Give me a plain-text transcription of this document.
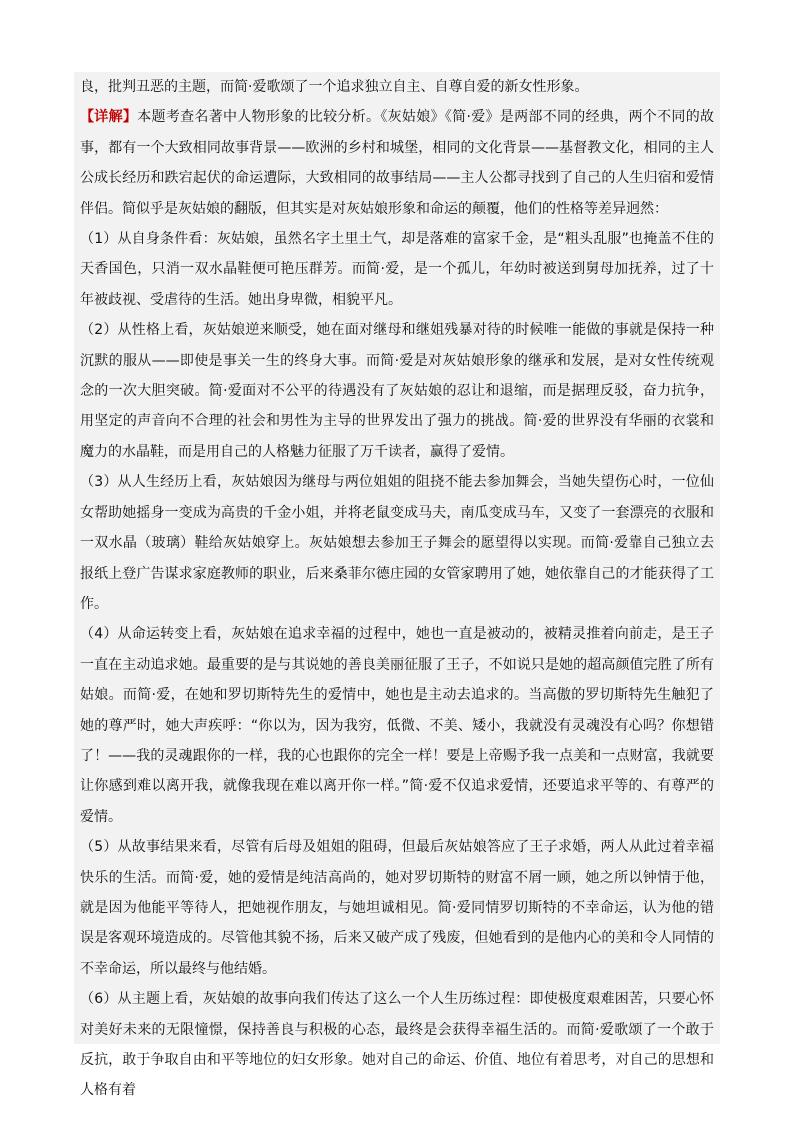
良，批判丑恶的主题，而简·爱歌颂了一个追求独立自主、自尊自爱的新女性形象。

【详解】本题考查名著中人物形象的比较分析。《灰姑娘》《简·爱》是两部不同的经典，两个不同的故事，都有一个大致相同故事背景——欧洲的乡村和城堡，相同的文化背景——基督教文化，相同的主人公成长经历和跌宕起伏的命运遭际，大致相同的故事结局——主人公都寻找到了自己的人生归宿和爱情伴侣。简似乎是灰姑娘的翻版，但其实是对灰姑娘形象和命运的颠覆，他们的性格等差异迥然：

（1）从自身条件看：灰姑娘，虽然名字土里土气，却是落难的富家千金，是“粗头乱服”也掩盖不住的天香国色，只消一双水晶鞋便可艳压群芳。而简·爱，是一个孤儿，年幼时被送到舅母加抚养，过了十年被歧视、受虐待的生活。她出身卑微，相貌平凡。

（2）从性格上看，灰姑娘逆来顺受，她在面对继母和继姐残暴对待的时候唯一能做的事就是保持一种沉默的服从——即使是事关一生的终身大事。而简·爱是对灰姑娘形象的继承和发展，是对女性传统观念的一次大胆突破。简·爱面对不公平的待遇没有了灰姑娘的忍让和退缩，而是据理反驳，奋力抗争，用坚定的声音向不合理的社会和男性为主导的世界发出了强力的挑战。简·爱的世界没有华丽的衣裳和魔力的水晶鞋，而是用自己的人格魅力征服了万千读者，赢得了爱情。

（3）从人生经历上看，灰姑娘因为继母与两位姐姐的阻挠不能去参加舞会，当她失望伤心时，一位仙女帮助她摇身一变成为高贵的千金小姐，并将老鼠变成马夫，南瓜变成马车，又变了一套漂亮的衣服和一双水晶（玻璃）鞋给灰姑娘穿上。灰姑娘想去参加王子舞会的愿望得以实现。而简·爱靠自己独立去报纸上登广告谋求家庭教师的职业，后来桑菲尔德庄园的女管家聘用了她，她依靠自己的才能获得了工作。

（4）从命运转变上看，灰姑娘在追求幸福的过程中，她也一直是被动的，被精灵推着向前走，是王子一直在主动追求她。最重要的是与其说她的善良美丽征服了王子，不如说只是她的超高颜值完胜了所有姑娘。而简·爱，在她和罗切斯特先生的爱情中，她也是主动去追求的。当高傲的罗切斯特先生触犯了她的尊严时，她大声疾呼：“你以为，因为我穷，低微、不美、矮小，我就没有灵魂没有心吗？你想错了！——我的灵魂跟你的一样，我的心也跟你的完全一样！要是上帝赐予我一点美和一点财富，我就要让你感到难以离开我，就像我现在难以离开你一样。”简·爱不仅追求爱情，还要追求平等的、有尊严的爱情。

（5）从故事结果来看，尽管有后母及姐姐的阻碍，但最后灰姑娘答应了王子求婚，两人从此过着幸福快乐的生活。而简·爱，她的爱情是纯洁高尚的，她对罗切斯特的财富不屑一顾，她之所以钟情于他，就是因为他能平等待人，把她视作朋友，与她坦诚相见。简·爱同情罗切斯特的不幸命运，认为他的错误是客观环境造成的。尽管他其貌不扬，后来又破产成了残废，但她看到的是他内心的美和令人同情的不幸命运，所以最终与他结婚。

（6）从主题上看，灰姑娘的故事向我们传达了这么一个人生历练过程：即使极度艰难困苦，只要心怀对美好未来的无限憧憬，保持善良与积极的心态，最终是会获得幸福生活的。而简·爱歌颂了一个敢于反抗，敢于争取自由和平等地位的妇女形象。她对自己的命运、价值、地位有着思考，对自己的思想和人格有着
